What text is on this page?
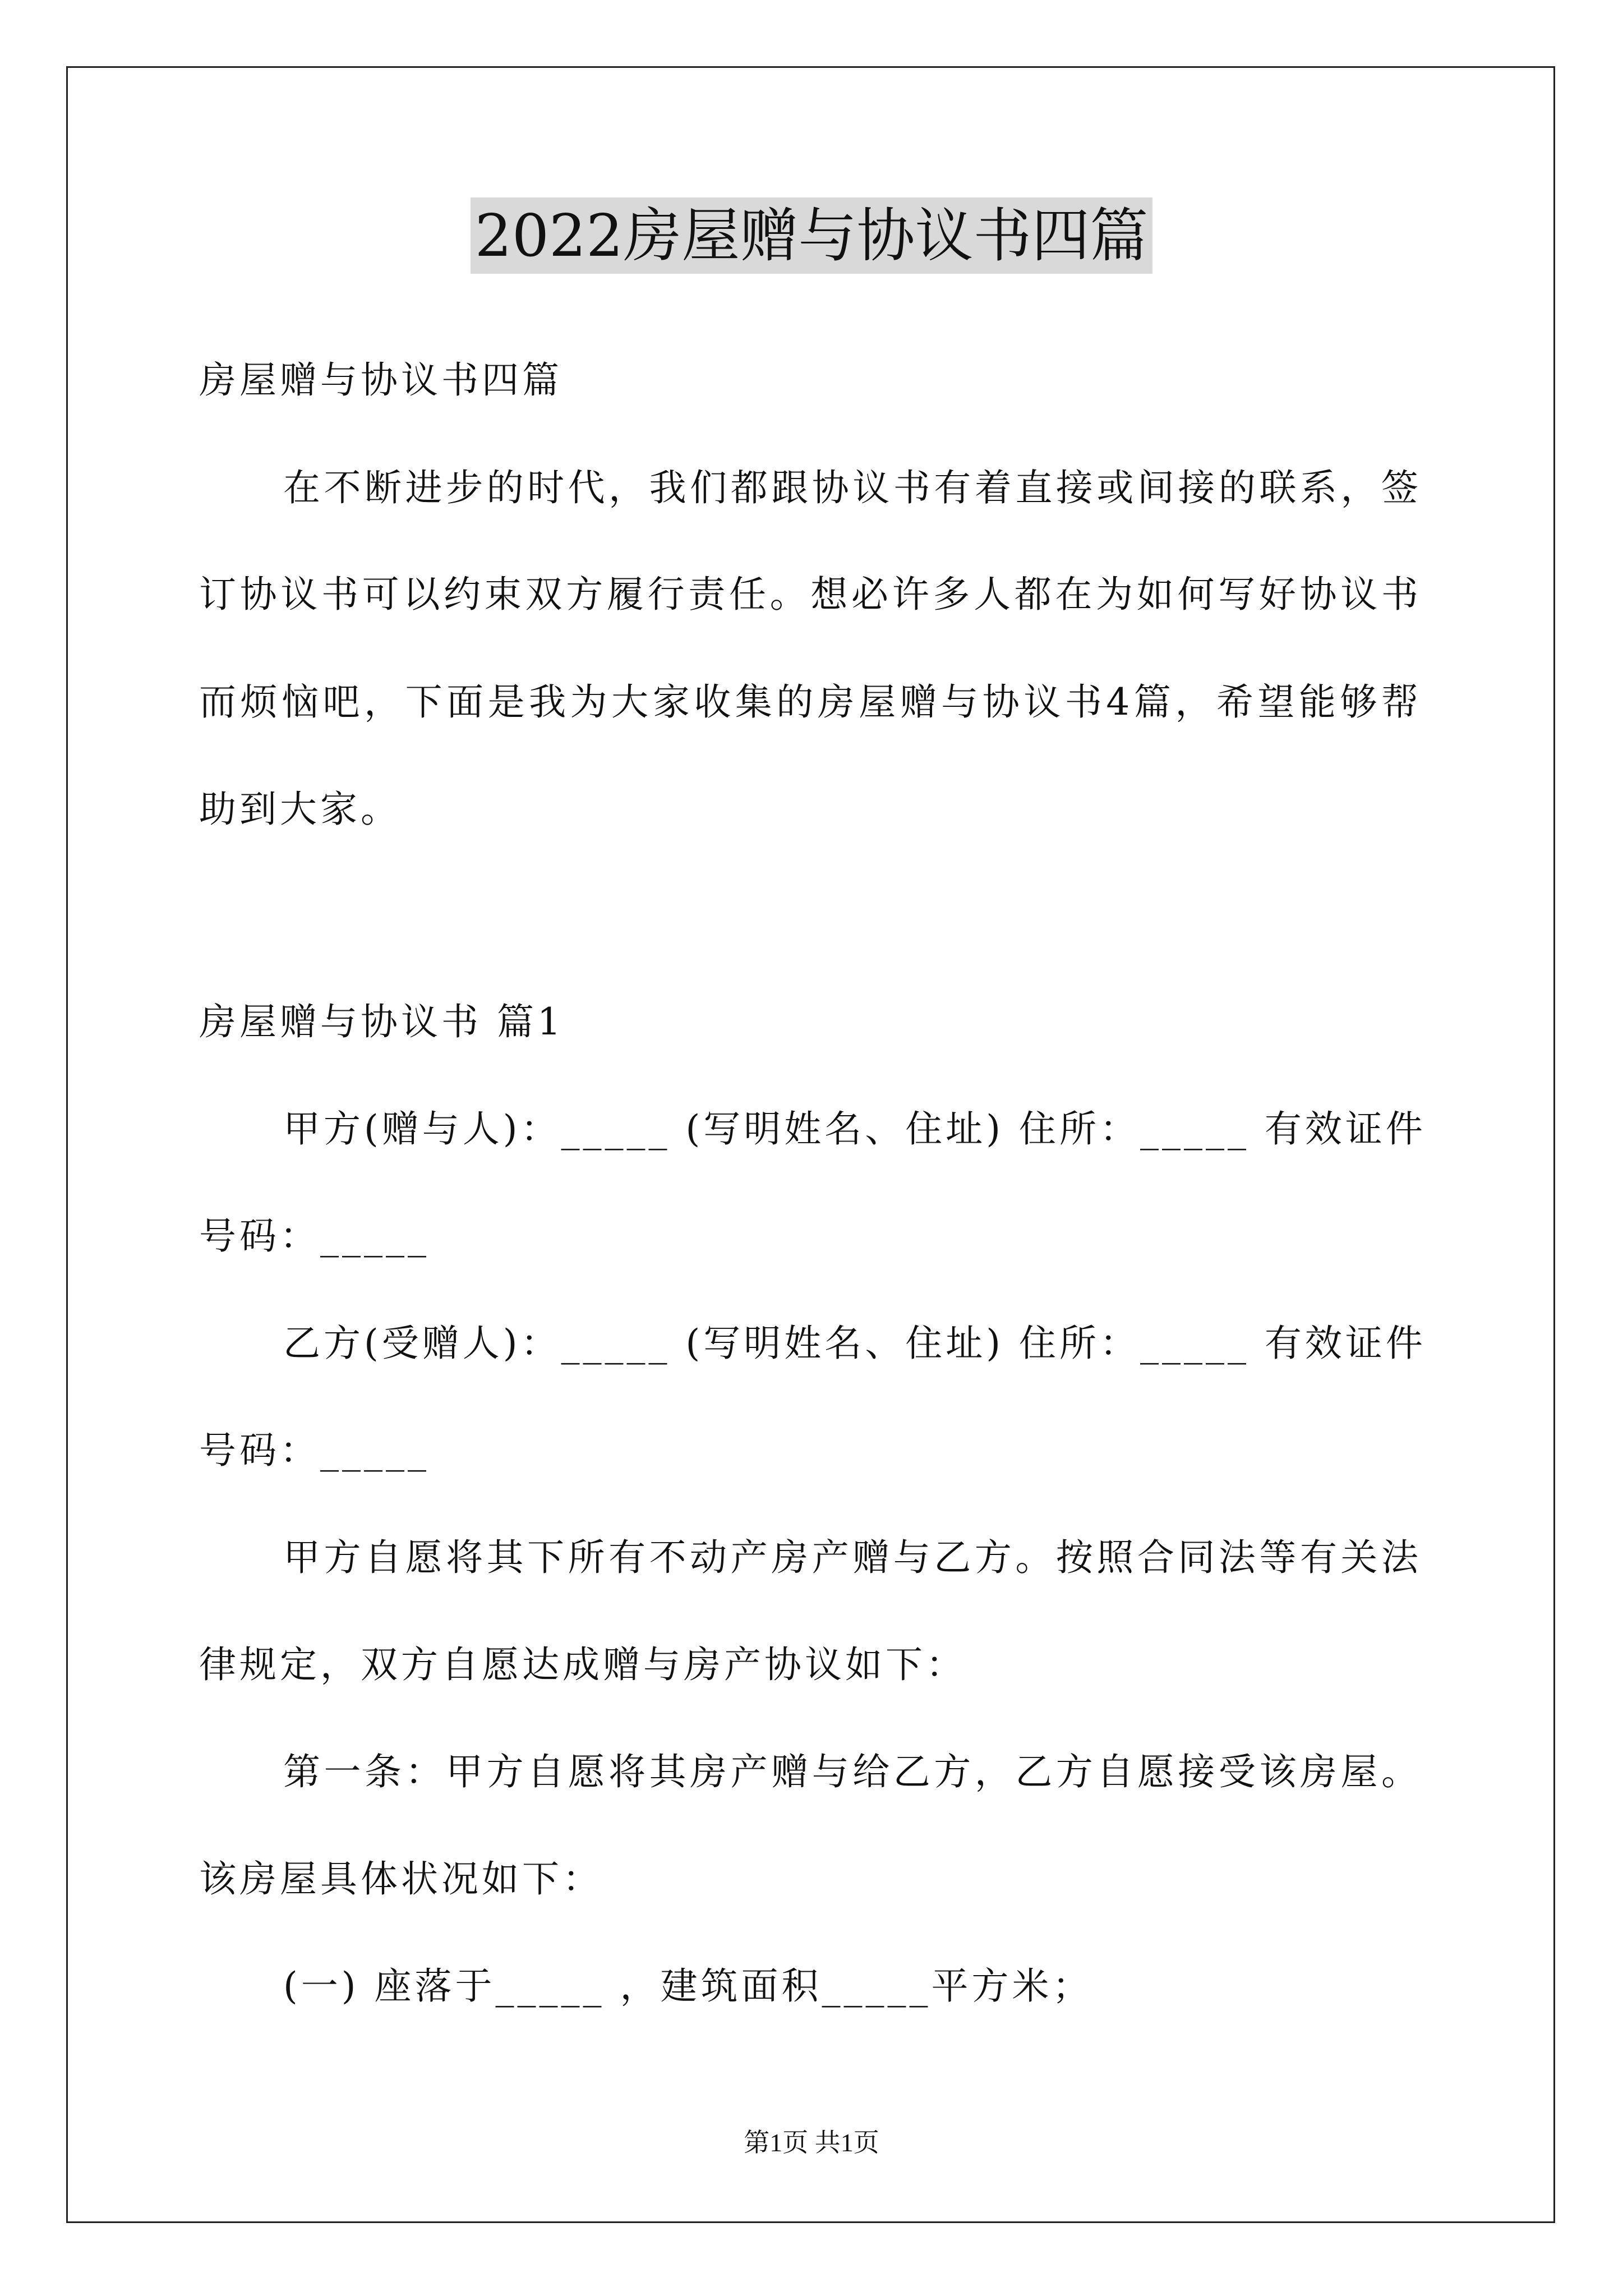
2022房屋赠与协议书四篇
房屋赠与协议书四篇
在不断进步的时代，我们都跟协议书有着直接或间接的联系，签
订协议书可以约束双方履行责任。想必许多人都在为如何写好协议书
而烦恼吧，下面是我为大家收集的房屋赠与协议书4篇，希望能够帮
助到大家。
房屋赠与协议书 篇1
甲方(赠与人)：_____ (写明姓名、住址) 住所：_____ 有效证件
号码：_____
乙方(受赠人)：_____ (写明姓名、住址) 住所：_____ 有效证件
号码：_____
甲方自愿将其下所有不动产房产赠与乙方。按照合同法等有关法
律规定，双方自愿达成赠与房产协议如下：
第一条：甲方自愿将其房产赠与给乙方，乙方自愿接受该房屋。
该房屋具体状况如下：
(一) 座落于_____ ，建筑面积_____平方米；
第1页 共1页
